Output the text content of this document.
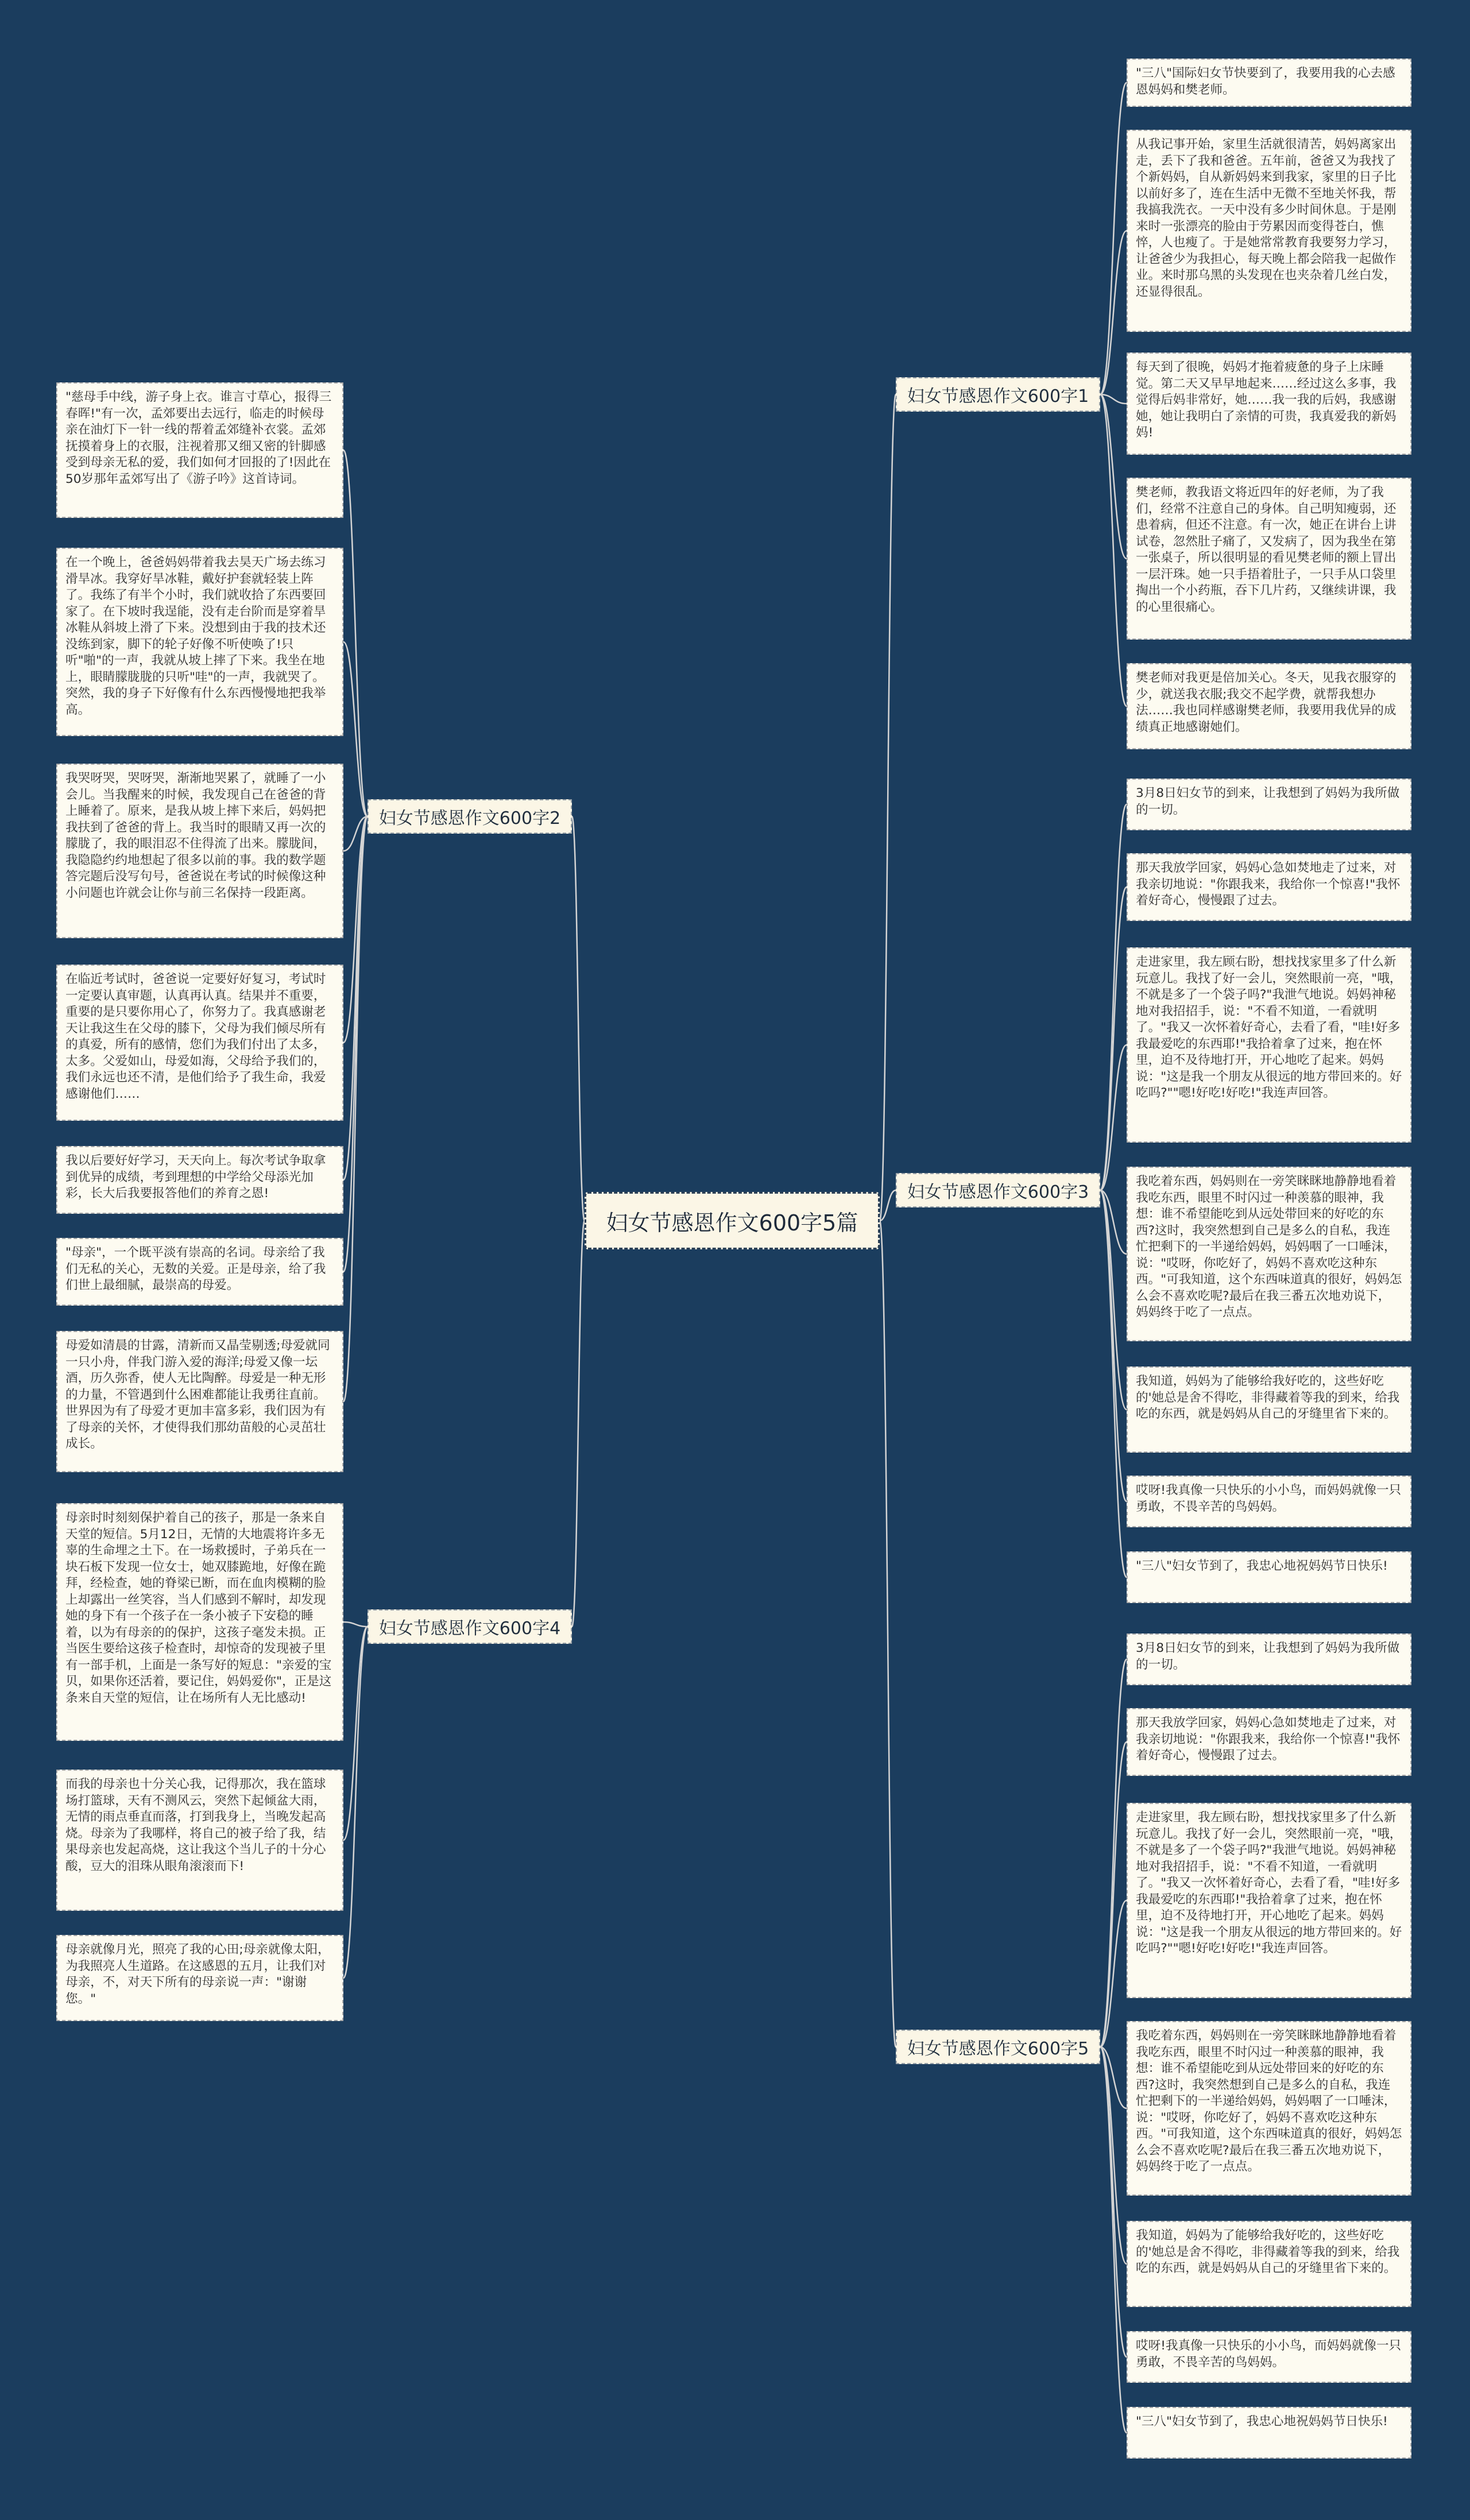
妇女节感恩作文600字5篇
妇女节感恩作文600字1
妇女节感恩作文600字2
妇女节感恩作文600字3
妇女节感恩作文600字4
妇女节感恩作文600字5
"三八"国际妇女节快要到了，我要用我的心去感恩妈妈和樊老师。
从我记事开始，家里生活就很清苦，妈妈离家出走，丢下了我和爸爸。五年前，爸爸又为我找了个新妈妈，自从新妈妈来到我家，家里的日子比以前好多了，连在生活中无微不至地关怀我，帮我搞我洗衣。一天中没有多少时间休息。于是刚来时一张漂亮的脸由于劳累因而变得苍白，憔悴，人也瘦了。于是她常常教育我要努力学习，让爸爸少为我担心，每天晚上都会陪我一起做作业。来时那乌黑的头发现在也夹杂着几丝白发，还显得很乱。
每天到了很晚，妈妈才拖着疲惫的身子上床睡觉。第二天又早早地起来……经过这么多事，我觉得后妈非常好，她……我一我的后妈，我感谢她，她让我明白了亲情的可贵，我真爱我的新妈妈!
樊老师，教我语文将近四年的好老师，为了我们，经常不注意自己的身体。自己明知瘦弱，还患着病，但还不注意。有一次，她正在讲台上讲试卷，忽然肚子痛了，又发病了，因为我坐在第一张桌子，所以很明显的看见樊老师的额上冒出一层汗珠。她一只手捂着肚子，一只手从口袋里掏出一个小药瓶，吞下几片药，又继续讲课，我的心里很痛心。
樊老师对我更是倍加关心。冬天，见我衣服穿的少，就送我衣服;我交不起学费，就帮我想办法……我也同样感谢樊老师，我要用我优异的成绩真正地感谢她们。
"慈母手中线，游子身上衣。谁言寸草心，报得三春晖!"有一次，孟郊要出去远行，临走的时候母亲在油灯下一针一线的帮着孟郊缝补衣裳。孟郊抚摸着身上的衣服，注视着那又细又密的针脚感受到母亲无私的爱，我们如何才回报的了!因此在50岁那年孟郊写出了《游子吟》这首诗词。
在一个晚上，爸爸妈妈带着我去昊天广场去练习滑旱冰。我穿好旱冰鞋，戴好护套就轻装上阵了。我练了有半个小时，我们就收拾了东西要回家了。在下坡时我逞能，没有走台阶而是穿着旱冰鞋从斜坡上滑了下来。没想到由于我的技术还没练到家，脚下的轮子好像不听使唤了!只听"啪"的一声，我就从坡上摔了下来。我坐在地上，眼睛朦胧胧的只听"哇"的一声，我就哭了。突然，我的身子下好像有什么东西慢慢地把我举高。
我哭呀哭，哭呀哭，渐渐地哭累了，就睡了一小会儿。当我醒来的时候，我发现自己在爸爸的背上睡着了。原来，是我从坡上摔下来后，妈妈把我扶到了爸爸的背上。我当时的眼睛又再一次的朦胧了，我的眼泪忍不住得流了出来。朦胧间，我隐隐约约地想起了很多以前的事。我的数学题答完题后没写句号，爸爸说在考试的时候像这种小问题也许就会让你与前三名保持一段距离。
在临近考试时，爸爸说一定要好好复习，考试时一定要认真审题，认真再认真。结果并不重要，重要的是只要你用心了，你努力了。我真感谢老天让我这生在父母的膝下，父母为我们倾尽所有的真爱，所有的感情，您们为我们付出了太多，太多。父爱如山，母爱如海，父母给予我们的，我们永远也还不清，是他们给予了我生命，我爱感谢他们……
我以后要好好学习，天天向上。每次考试争取拿到优异的成绩，考到理想的中学给父母添光加彩，长大后我要报答他们的养育之恩!
"母亲"，一个既平淡有崇高的名词。母亲给了我们无私的关心，无数的关爱。正是母亲，给了我们世上最细腻，最崇高的母爱。
母爱如清晨的甘露，清新而又晶莹剔透;母爱就同一只小舟，伴我门游入爱的海洋;母爱又像一坛酒，历久弥香，使人无比陶醉。母爱是一种无形的力量，不管遇到什么困难都能让我勇往直前。世界因为有了母爱才更加丰富多彩，我们因为有了母亲的关怀，才使得我们那幼苗般的心灵茁壮成长。
3月8日妇女节的到来，让我想到了妈妈为我所做的一切。
那天我放学回家，妈妈心急如焚地走了过来，对我亲切地说："你跟我来，我给你一个惊喜!"我怀着好奇心，慢慢跟了过去。
走进家里，我左顾右盼，想找找家里多了什么新玩意儿。我找了好一会儿，突然眼前一亮，"哦，不就是多了一个袋子吗?"我泄气地说。妈妈神秘地对我招招手，说："不看不知道，一看就明了。"我又一次怀着好奇心，去看了看，"哇!好多我最爱吃的东西耶!"我拾着拿了过来，抱在怀里，迫不及待地打开，开心地吃了起来。妈妈说："这是我一个朋友从很远的地方带回来的。好吃吗?""嗯!好吃!好吃!"我连声回答。
我吃着东西，妈妈则在一旁笑眯眯地静静地看着我吃东西，眼里不时闪过一种羡慕的眼神，我想：谁不希望能吃到从远处带回来的好吃的东西?这时，我突然想到自己是多么的自私，我连忙把剩下的一半递给妈妈，妈妈咽了一口唾沫，说："哎呀，你吃好了，妈妈不喜欢吃这种东西。"可我知道，这个东西味道真的很好，妈妈怎么会不喜欢吃呢?最后在我三番五次地劝说下，妈妈终于吃了一点点。
我知道，妈妈为了能够给我好吃的，这些好吃的'她总是舍不得吃，非得藏着等我的到来，给我吃的东西，就是妈妈从自己的牙缝里省下来的。
哎呀!我真像一只快乐的小小鸟，而妈妈就像一只勇敢，不畏辛苦的鸟妈妈。
"三八"妇女节到了，我忠心地祝妈妈节日快乐!
母亲时时刻刻保护着自己的孩子，那是一条来自天堂的短信。5月12日，无情的大地震将许多无辜的生命埋之土下。在一场救援时，子弟兵在一块石板下发现一位女士，她双膝跪地，好像在跪拜，经检查，她的脊梁已断，而在血肉模糊的脸上却露出一丝笑容，当人们感到不解时，却发现她的身下有一个孩子在一条小被子下安稳的睡着，以为有母亲的的保护，这孩子毫发未损。正当医生要给这孩子检查时，却惊奇的发现被子里有一部手机，上面是一条写好的短息："亲爱的宝贝，如果你还活着，要记住，妈妈爱你"，正是这条来自天堂的短信，让在场所有人无比感动!
而我的母亲也十分关心我，记得那次，我在篮球场打篮球，天有不测风云，突然下起倾盆大雨，无情的雨点垂直而落，打到我身上，当晚发起高烧。母亲为了我哪样，将自己的被子给了我，结果母亲也发起高烧，这让我这个当儿子的十分心酸，豆大的泪珠从眼角滚滚而下!
母亲就像月光，照亮了我的心田;母亲就像太阳，为我照亮人生道路。在这感恩的五月，让我们对母亲，不，对天下所有的母亲说一声："谢谢您。"
3月8日妇女节的到来，让我想到了妈妈为我所做的一切。
那天我放学回家，妈妈心急如焚地走了过来，对我亲切地说："你跟我来，我给你一个惊喜!"我怀着好奇心，慢慢跟了过去。
走进家里，我左顾右盼，想找找家里多了什么新玩意儿。我找了好一会儿，突然眼前一亮，"哦，不就是多了一个袋子吗?"我泄气地说。妈妈神秘地对我招招手，说："不看不知道，一看就明了。"我又一次怀着好奇心，去看了看，"哇!好多我最爱吃的东西耶!"我拾着拿了过来，抱在怀里，迫不及待地打开，开心地吃了起来。妈妈说："这是我一个朋友从很远的地方带回来的。好吃吗?""嗯!好吃!好吃!"我连声回答。
我吃着东西，妈妈则在一旁笑眯眯地静静地看着我吃东西，眼里不时闪过一种羡慕的眼神，我想：谁不希望能吃到从远处带回来的好吃的东西?这时，我突然想到自己是多么的自私，我连忙把剩下的一半递给妈妈，妈妈咽了一口唾沫，说："哎呀，你吃好了，妈妈不喜欢吃这种东西。"可我知道，这个东西味道真的很好，妈妈怎么会不喜欢吃呢?最后在我三番五次地劝说下，妈妈终于吃了一点点。
我知道，妈妈为了能够给我好吃的，这些好吃的'她总是舍不得吃，非得藏着等我的到来，给我吃的东西，就是妈妈从自己的牙缝里省下来的。
哎呀!我真像一只快乐的小小鸟，而妈妈就像一只勇敢，不畏辛苦的鸟妈妈。
"三八"妇女节到了，我忠心地祝妈妈节日快乐!
